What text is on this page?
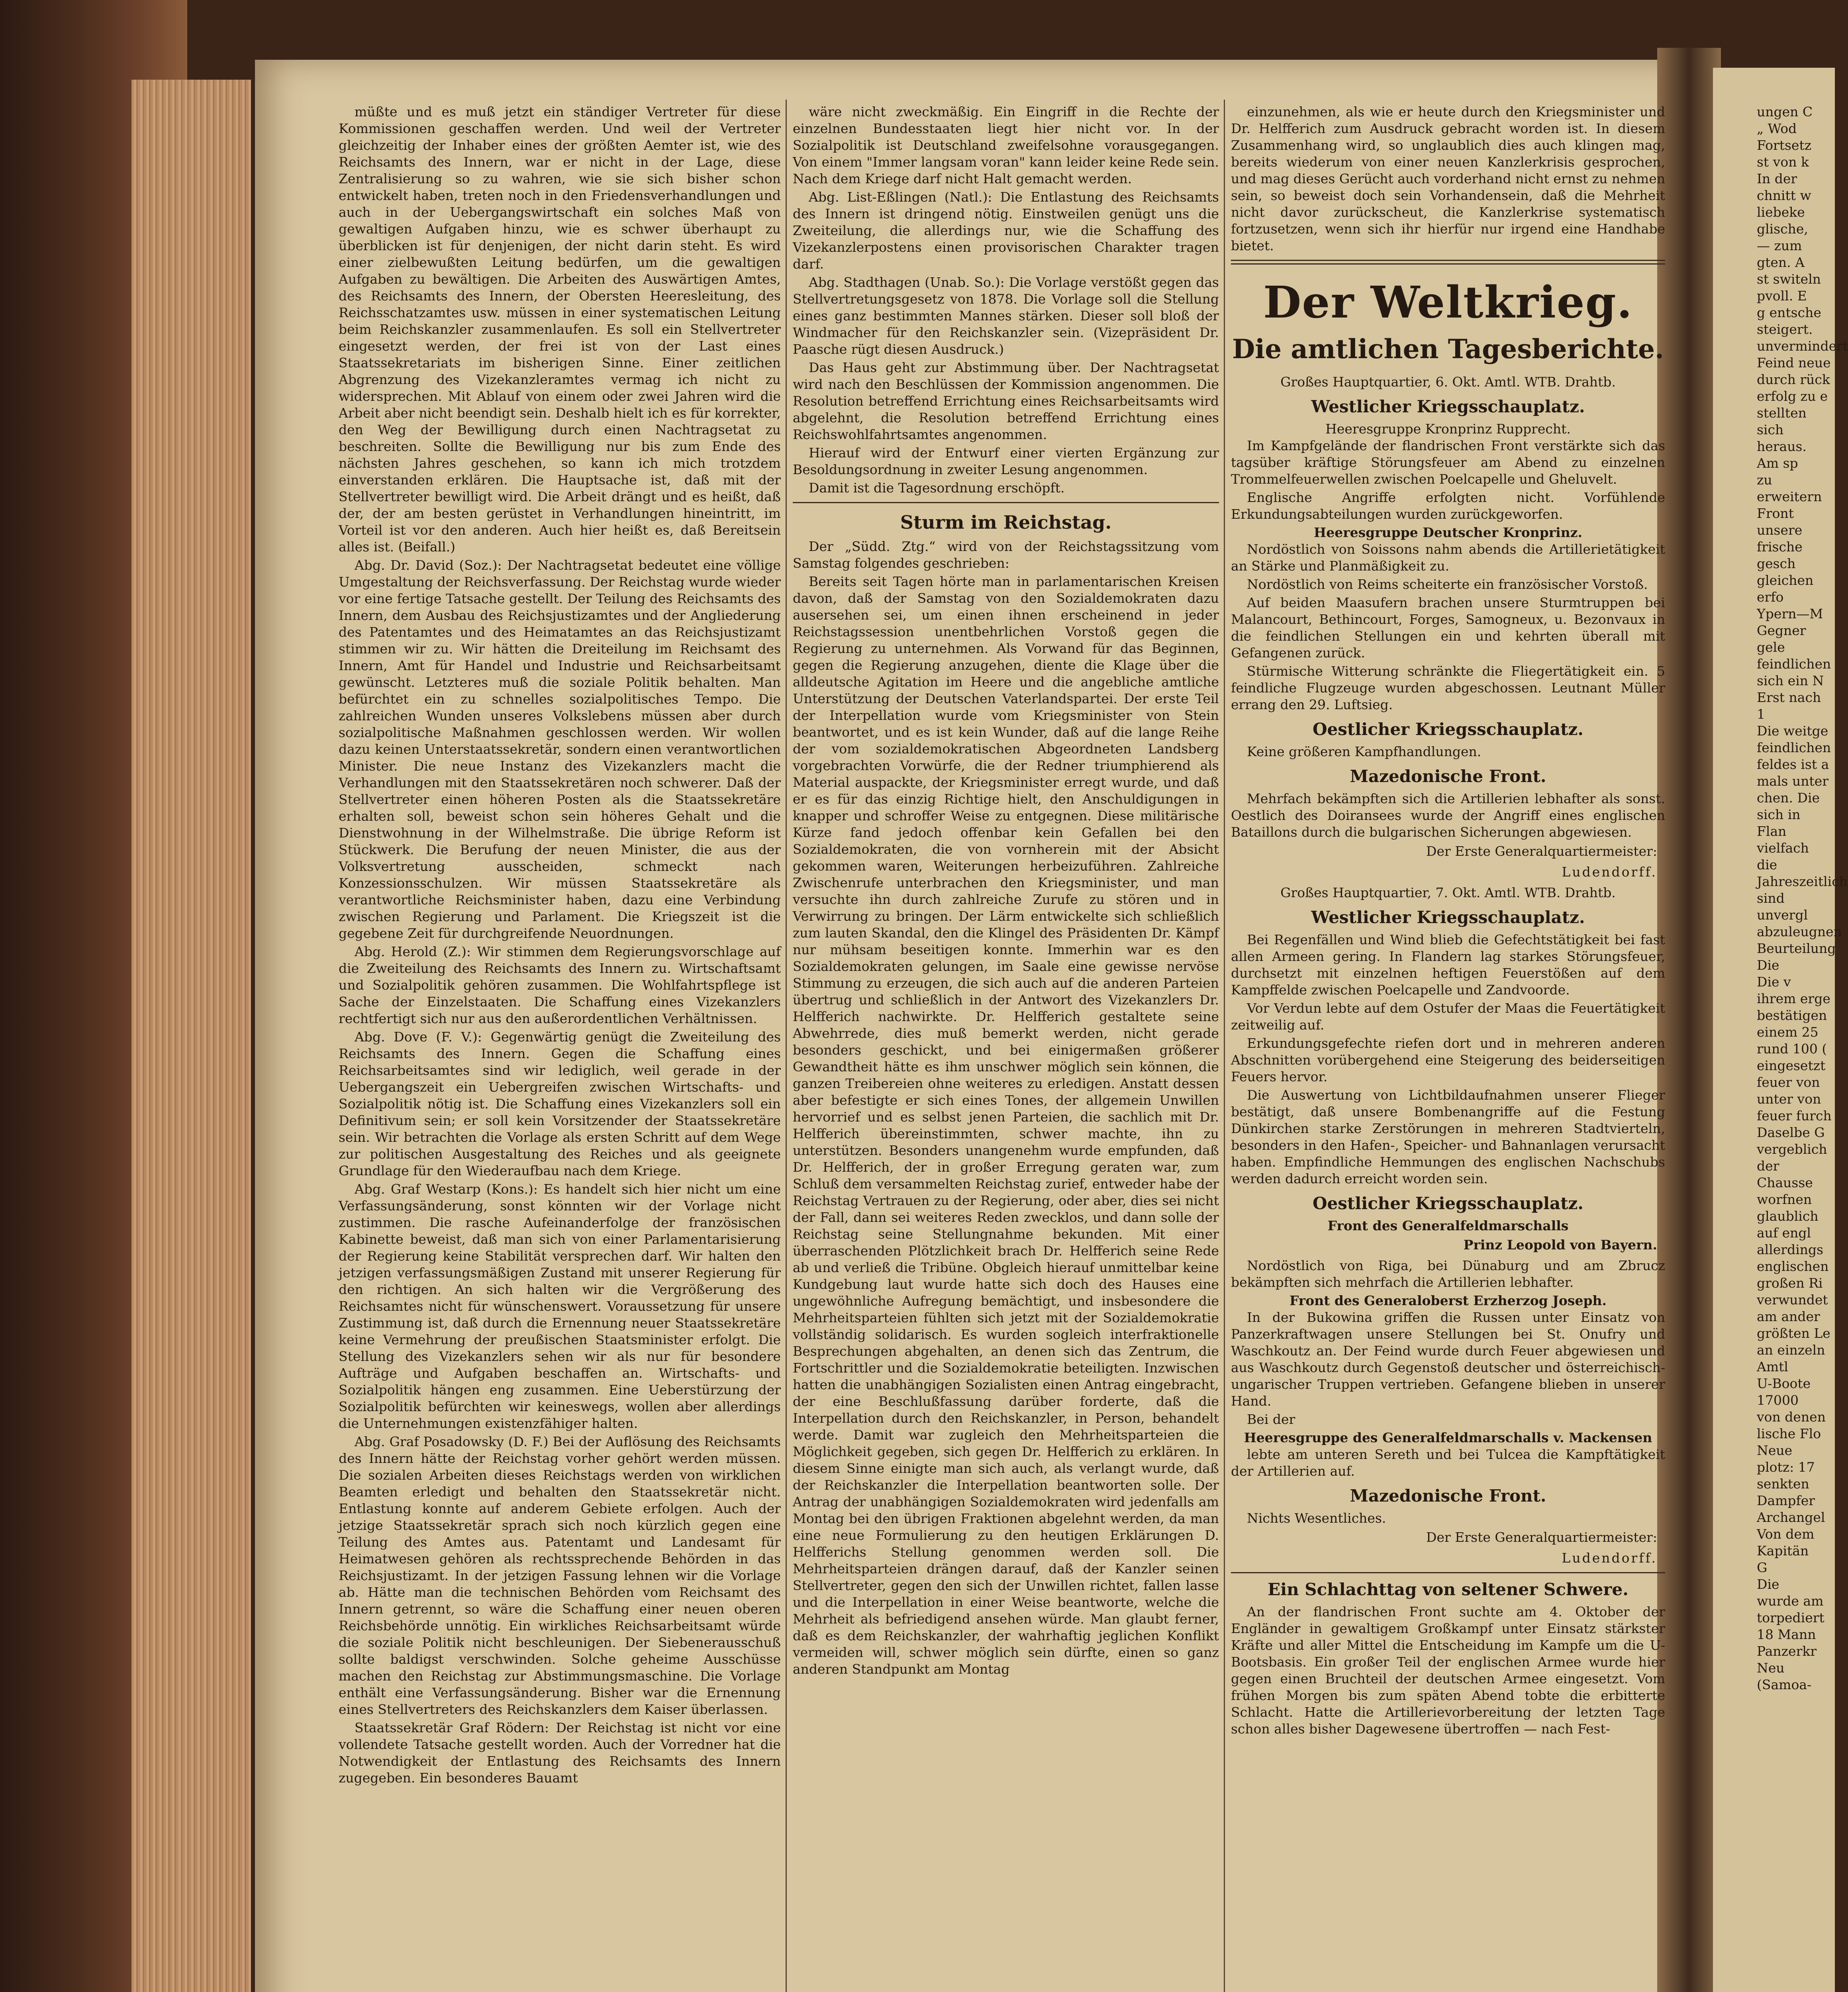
müßte und es muß jetzt ein ständiger Vertreter für diese Kommissionen geschaffen werden. Und weil der Vertreter gleichzeitig der Inhaber eines der größten Aemter ist, wie des Reichsamts des Innern, war er nicht in der Lage, diese Zentralisierung so zu wahren, wie sie sich bisher schon entwickelt haben, treten noch in den Friedensverhandlungen und auch in der Uebergangswirtschaft ein solches Maß von gewaltigen Aufgaben hinzu, wie es schwer überhaupt zu überblicken ist für denjenigen, der nicht darin steht. Es wird einer zielbewußten Leitung bedürfen, um die gewaltigen Aufgaben zu bewältigen. Die Arbeiten des Auswärtigen Amtes, des Reichsamts des Innern, der Obersten Heeresleitung, des Reichsschatzamtes usw. müssen in einer systematischen Leitung beim Reichskanzler zusammenlaufen. Es soll ein Stellvertreter eingesetzt werden, der frei ist von der Last eines Staatssekretariats im bisherigen Sinne. Einer zeitlichen Abgrenzung des Vizekanzleramtes vermag ich nicht zu widersprechen. Mit Ablauf von einem oder zwei Jahren wird die Arbeit aber nicht beendigt sein. Deshalb hielt ich es für korrekter, den Weg der Bewilligung durch einen Nachtragsetat zu beschreiten. Sollte die Bewilligung nur bis zum Ende des nächsten Jahres geschehen, so kann ich mich trotzdem einverstanden erklären. Die Hauptsache ist, daß mit der Stellvertreter bewilligt wird. Die Arbeit drängt und es heißt, daß der, der am besten gerüstet in Verhandlungen hineintritt, im Vorteil ist vor den anderen. Auch hier heißt es, daß Bereitsein alles ist. (Beifall.)

Abg. Dr. David (Soz.): Der Nachtragsetat bedeutet eine völlige Umgestaltung der Reichsverfassung. Der Reichstag wurde wieder vor eine fertige Tatsache gestellt. Der Teilung des Reichsamts des Innern, dem Ausbau des Reichsjustizamtes und der Angliederung des Patentamtes und des Heimatamtes an das Reichsjustizamt stimmen wir zu. Wir hätten die Dreiteilung im Reichsamt des Innern, Amt für Handel und Industrie und Reichsarbeitsamt gewünscht. Letzteres muß die soziale Politik behalten. Man befürchtet ein zu schnelles sozialpolitisches Tempo. Die zahlreichen Wunden unseres Volkslebens müssen aber durch sozialpolitische Maßnahmen geschlossen werden. Wir wollen dazu keinen Unterstaatssekretär, sondern einen verantwortlichen Minister. Die neue Instanz des Vizekanzlers macht die Verhandlungen mit den Staatssekretären noch schwerer. Daß der Stellvertreter einen höheren Posten als die Staatssekretäre erhalten soll, beweist schon sein höheres Gehalt und die Dienstwohnung in der Wilhelmstraße. Die übrige Reform ist Stückwerk. Die Berufung der neuen Minister, die aus der Volksvertretung ausscheiden, schmeckt nach Konzessionsschulzen. Wir müssen Staatssekretäre als verantwortliche Reichsminister haben, dazu eine Verbindung zwischen Regierung und Parlament. Die Kriegszeit ist die gegebene Zeit für durchgreifende Neuordnungen.

Abg. Herold (Z.): Wir stimmen dem Regierungsvorschlage auf die Zweiteilung des Reichsamts des Innern zu. Wirtschaftsamt und Sozialpolitik gehören zusammen. Die Wohlfahrtspflege ist Sache der Einzelstaaten. Die Schaffung eines Vizekanzlers rechtfertigt sich nur aus den außerordentlichen Verhältnissen.

Abg. Dove (F. V.): Gegenwärtig genügt die Zweiteilung des Reichsamts des Innern. Gegen die Schaffung eines Reichsarbeitsamtes sind wir lediglich, weil gerade in der Uebergangszeit ein Uebergreifen zwischen Wirtschafts- und Sozialpolitik nötig ist. Die Schaffung eines Vizekanzlers soll ein Definitivum sein; er soll kein Vorsitzender der Staatssekretäre sein. Wir betrachten die Vorlage als ersten Schritt auf dem Wege zur politischen Ausgestaltung des Reiches und als geeignete Grundlage für den Wiederaufbau nach dem Kriege.

Abg. Graf Westarp (Kons.): Es handelt sich hier nicht um eine Verfassungsänderung, sonst könnten wir der Vorlage nicht zustimmen. Die rasche Aufeinanderfolge der französischen Kabinette beweist, daß man sich von einer Parlamentarisierung der Regierung keine Stabilität versprechen darf. Wir halten den jetzigen verfassungsmäßigen Zustand mit unserer Regierung für den richtigen. An sich halten wir die Vergrößerung des Reichsamtes nicht für wünschenswert. Voraussetzung für unsere Zustimmung ist, daß durch die Ernennung neuer Staatssekretäre keine Vermehrung der preußischen Staatsminister erfolgt. Die Stellung des Vizekanzlers sehen wir als nur für besondere Aufträge und Aufgaben beschaffen an. Wirtschafts- und Sozialpolitik hängen eng zusammen. Eine Ueberstürzung der Sozialpolitik befürchten wir keineswegs, wollen aber allerdings die Unternehmungen existenzfähiger halten.

Abg. Graf Posadowsky (D. F.) Bei der Auflösung des Reichsamts des Innern hätte der Reichstag vorher gehört werden müssen. Die sozialen Arbeiten dieses Reichstags werden von wirklichen Beamten erledigt und behalten den Staatssekretär nicht. Entlastung konnte auf anderem Gebiete erfolgen. Auch der jetzige Staatssekretär sprach sich noch kürzlich gegen eine Teilung des Amtes aus. Patentamt und Landesamt für Heimatwesen gehören als rechtssprechende Behörden in das Reichsjustizamt. In der jetzigen Fassung lehnen wir die Vorlage ab. Hätte man die technischen Behörden vom Reichsamt des Innern getrennt, so wäre die Schaffung einer neuen oberen Reichsbehörde unnötig. Ein wirkliches Reichsarbeitsamt würde die soziale Politik nicht beschleunigen. Der Siebenerausschuß sollte baldigst verschwinden. Solche geheime Ausschüsse machen den Reichstag zur Abstimmungsmaschine. Die Vorlage enthält eine Verfassungsänderung. Bisher war die Ernennung eines Stellvertreters des Reichskanzlers dem Kaiser überlassen.

Staatssekretär Graf Rödern: Der Reichstag ist nicht vor eine vollendete Tatsache gestellt worden. Auch der Vorredner hat die Notwendigkeit der Entlastung des Reichsamts des Innern zugegeben. Ein besonderes Bauamt

wäre nicht zweckmäßig. Ein Eingriff in die Rechte der einzelnen Bundesstaaten liegt hier nicht vor. In der Sozialpolitik ist Deutschland zweifelsohne vorausgegangen. Von einem "Immer langsam voran" kann leider keine Rede sein. Nach dem Kriege darf nicht Halt gemacht werden.

Abg. List-Eßlingen (Natl.): Die Entlastung des Reichsamts des Innern ist dringend nötig. Einstweilen genügt uns die Zweiteilung, die allerdings nur, wie die Schaffung des Vizekanzlerpostens einen provisorischen Charakter tragen darf.

Abg. Stadthagen (Unab. So.): Die Vorlage verstößt gegen das Stellvertretungsgesetz von 1878. Die Vorlage soll die Stellung eines ganz bestimmten Mannes stärken. Dieser soll bloß der Windmacher für den Reichskanzler sein. (Vizepräsident Dr. Paasche rügt diesen Ausdruck.)

Das Haus geht zur Abstimmung über. Der Nachtragsetat wird nach den Beschlüssen der Kommission angenommen. Die Resolution betreffend Errichtung eines Reichsarbeitsamts wird abgelehnt, die Resolution betreffend Errichtung eines Reichswohlfahrtsamtes angenommen.

Hierauf wird der Entwurf einer vierten Ergänzung zur Besoldungsordnung in zweiter Lesung angenommen.

Damit ist die Tagesordnung erschöpft.

Sturm im Reichstag.

Der „Südd. Ztg.“ wird von der Reichstagssitzung vom Samstag folgendes geschrieben:

Bereits seit Tagen hörte man in parlamentarischen Kreisen davon, daß der Samstag von den Sozialdemokraten dazu ausersehen sei, um einen ihnen erscheinend in jeder Reichstagssession unentbehrlichen Vorstoß gegen die Regierung zu unternehmen. Als Vorwand für das Beginnen, gegen die Regierung anzugehen, diente die Klage über die alldeutsche Agitation im Heere und die angebliche amtliche Unterstützung der Deutschen Vaterlandspartei. Der erste Teil der Interpellation wurde vom Kriegsminister von Stein beantwortet, und es ist kein Wunder, daß auf die lange Reihe der vom sozialdemokratischen Abgeordneten Landsberg vorgebrachten Vorwürfe, die der Redner triumphierend als Material auspackte, der Kriegsminister erregt wurde, und daß er es für das einzig Richtige hielt, den Anschuldigungen in knapper und schroffer Weise zu entgegnen. Diese militärische Kürze fand jedoch offenbar kein Gefallen bei den Sozialdemokraten, die von vornherein mit der Absicht gekommen waren, Weiterungen herbeizuführen. Zahlreiche Zwischenrufe unterbrachen den Kriegsminister, und man versuchte ihn durch zahlreiche Zurufe zu stören und in Verwirrung zu bringen. Der Lärm entwickelte sich schließlich zum lauten Skandal, den die Klingel des Präsidenten Dr. Kämpf nur mühsam beseitigen konnte. Immerhin war es den Sozialdemokraten gelungen, im Saale eine gewisse nervöse Stimmung zu erzeugen, die sich auch auf die anderen Parteien übertrug und schließlich in der Antwort des Vizekanzlers Dr. Helfferich nachwirkte. Dr. Helfferich gestaltete seine Abwehrrede, dies muß bemerkt werden, nicht gerade besonders geschickt, und bei einigermaßen größerer Gewandtheit hätte es ihm unschwer möglich sein können, die ganzen Treibereien ohne weiteres zu erledigen. Anstatt dessen aber befestigte er sich eines Tones, der allgemein Unwillen hervorrief und es selbst jenen Parteien, die sachlich mit Dr. Helfferich übereinstimmten, schwer machte, ihn zu unterstützen. Besonders unangenehm wurde empfunden, daß Dr. Helfferich, der in großer Erregung geraten war, zum Schluß dem versammelten Reichstag zurief, entweder habe der Reichstag Vertrauen zu der Regierung, oder aber, dies sei nicht der Fall, dann sei weiteres Reden zwecklos, und dann solle der Reichstag seine Stellungnahme bekunden. Mit einer überraschenden Plötzlichkeit brach Dr. Helfferich seine Rede ab und verließ die Tribüne. Obgleich hierauf unmittelbar keine Kundgebung laut wurde hatte sich doch des Hauses eine ungewöhnliche Aufregung bemächtigt, und insbesondere die Mehrheitsparteien fühlten sich jetzt mit der Sozialdemokratie vollständig solidarisch. Es wurden sogleich interfraktionelle Besprechungen abgehalten, an denen sich das Zentrum, die Fortschrittler und die Sozialdemokratie beteiligten. Inzwischen hatten die unabhängigen Sozialisten einen Antrag eingebracht, der eine Beschlußfassung darüber forderte, daß die Interpellation durch den Reichskanzler, in Person, behandelt werde. Damit war zugleich den Mehrheitsparteien die Möglichkeit gegeben, sich gegen Dr. Helfferich zu erklären. In diesem Sinne einigte man sich auch, als verlangt wurde, daß der Reichskanzler die Interpellation beantworten solle. Der Antrag der unabhängigen Sozialdemokraten wird jedenfalls am Montag bei den übrigen Fraktionen abgelehnt werden, da man eine neue Formulierung zu den heutigen Erklärungen D. Helfferichs Stellung genommen werden soll. Die Mehrheitsparteien drängen darauf, daß der Kanzler seinen Stellvertreter, gegen den sich der Unwillen richtet, fallen lasse und die Interpellation in einer Weise beantworte, welche die Mehrheit als befriedigend ansehen würde. Man glaubt ferner, daß es dem Reichskanzler, der wahrhaftig jeglichen Konflikt vermeiden will, schwer möglich sein dürfte, einen so ganz anderen Standpunkt am Montag

einzunehmen, als wie er heute durch den Kriegsminister und Dr. Helfferich zum Ausdruck gebracht worden ist. In diesem Zusammenhang wird, so unglaublich dies auch klingen mag, bereits wiederum von einer neuen Kanzlerkrisis gesprochen, und mag dieses Gerücht auch vorderhand nicht ernst zu nehmen sein, so beweist doch sein Vorhandensein, daß die Mehrheit nicht davor zurückscheut, die Kanzlerkrise systematisch fortzusetzen, wenn sich ihr hierfür nur irgend eine Handhabe bietet.

Der Weltkrieg.
Die amtlichen Tagesberichte.
Großes Hauptquartier, 6. Okt. Amtl. WTB. Drahtb.
Westlicher Kriegsschauplatz.
Heeresgruppe Kronprinz Rupprecht.

Im Kampfgelände der flandrischen Front verstärkte sich das tagsüber kräftige Störungsfeuer am Abend zu einzelnen Trommelfeuerwellen zwischen Poelcapelle und Gheluvelt.

Englische Angriffe erfolgten nicht. Vorfühlende Erkundungsabteilungen wurden zurückgeworfen.

Heeresgruppe Deutscher Kronprinz.

Nordöstlich von Soissons nahm abends die Artillerietätigkeit an Stärke und Planmäßigkeit zu.

Nordöstlich von Reims scheiterte ein französischer Vorstoß.

Auf beiden Maasufern brachen unsere Sturmtruppen bei Malancourt, Bethincourt, Forges, Samogneux, u. Bezonvaux in die feindlichen Stellungen ein und kehrten überall mit Gefangenen zurück.

Stürmische Witterung schränkte die Fliegertätigkeit ein. 5 feindliche Flugzeuge wurden abgeschossen. Leutnant Müller errang den 29. Luftsieg.

Oestlicher Kriegsschauplatz.

Keine größeren Kampfhandlungen.

Mazedonische Front.

Mehrfach bekämpften sich die Artillerien lebhafter als sonst. Oestlich des Doiransees wurde der Angriff eines englischen Bataillons durch die bulgarischen Sicherungen abgewiesen.

Der Erste Generalquartiermeister:
Ludendorff.
Großes Hauptquartier, 7. Okt. Amtl. WTB. Drahtb.
Westlicher Kriegsschauplatz.

Bei Regenfällen und Wind blieb die Gefechtstätigkeit bei fast allen Armeen gering. In Flandern lag starkes Störungsfeuer, durchsetzt mit einzelnen heftigen Feuerstößen auf dem Kampffelde zwischen Poelcapelle und Zandvoorde.

Vor Verdun lebte auf dem Ostufer der Maas die Feuertätigkeit zeitweilig auf.

Erkundungsgefechte riefen dort und in mehreren anderen Abschnitten vorübergehend eine Steigerung des beiderseitigen Feuers hervor.

Die Auswertung von Lichtbildaufnahmen unserer Flieger bestätigt, daß unsere Bombenangriffe auf die Festung Dünkirchen starke Zerstörungen in mehreren Stadtvierteln, besonders in den Hafen-, Speicher- und Bahnanlagen verursacht haben. Empfindliche Hemmungen des englischen Nachschubs werden dadurch erreicht worden sein.

Oestlicher Kriegsschauplatz.
Front des Generalfeldmarschalls
Prinz Leopold von Bayern.

Nordöstlich von Riga, bei Dünaburg und am Zbrucz bekämpften sich mehrfach die Artillerien lebhafter.

Front des Generaloberst Erzherzog Joseph.

In der Bukowina griffen die Russen unter Einsatz von Panzerkraftwagen unsere Stellungen bei St. Onufry und Waschkoutz an. Der Feind wurde durch Feuer abgewiesen und aus Waschkoutz durch Gegenstoß deutscher und österreichisch-ungarischer Truppen vertrieben. Gefangene blieben in unserer Hand.

Bei der

Heeresgruppe des Generalfeldmarschalls v. Mackensen

lebte am unteren Sereth und bei Tulcea die Kampftätigkeit der Artillerien auf.

Mazedonische Front.

Nichts Wesentliches.

Der Erste Generalquartiermeister:
Ludendorff.
Ein Schlachttag von seltener Schwere.

An der flandrischen Front suchte am 4. Oktober der Engländer in gewaltigem Großkampf unter Einsatz stärkster Kräfte und aller Mittel die Entscheidung im Kampfe um die U-Bootsbasis. Ein großer Teil der englischen Armee wurde hier gegen einen Bruchteil der deutschen Armee eingesetzt. Vom frühen Morgen bis zum späten Abend tobte die erbitterte Schlacht. Hatte die Artillerievorbereitung der letzten Tage schon alles bisher Dagewesene übertroffen — nach Fest-

ungen C
„ Wod
Fortsetz
st von k
In der
chnitt w
liebeke
glische,
— zum
gten. A
st switeln
pvoll. E
g entsche
steigert.
unvermindert
Feind neue
durch rück
erfolg zu e
stellten sich
heraus.
Am sp
zu erweitern
Front unsere
frische gesch
gleichen erfo
Ypern—M
Gegner gele
feindlichen
sich ein N
Erst nach 1
Die weitge
feindlichen
feldes ist a
mals unter
chen. Die
sich in Flan
vielfach die
Jahreszeitlich
sind unvergl
abzuleugnen
Beurteilung
Die
Die v
ihrem erge
bestätigen
einem 25
rund 100 (
eingesetzt
feuer von
unter von
feuer furch
Daselbe G
vergeblich
der Chausse
worfnen
glaublich
auf engl
allerdings
englischen
großen Ri
verwundet
am ander
größten Le
an einzeln
Amtl
U-Boote
17000
von denen
lische Flo
Neue
plotz: 17
senkten
Dampfer
Archangel
Von dem
Kapitän
G
Die
wurde am
torpediert
18 Mann
Panzerkr
Neu
(Samoa-
